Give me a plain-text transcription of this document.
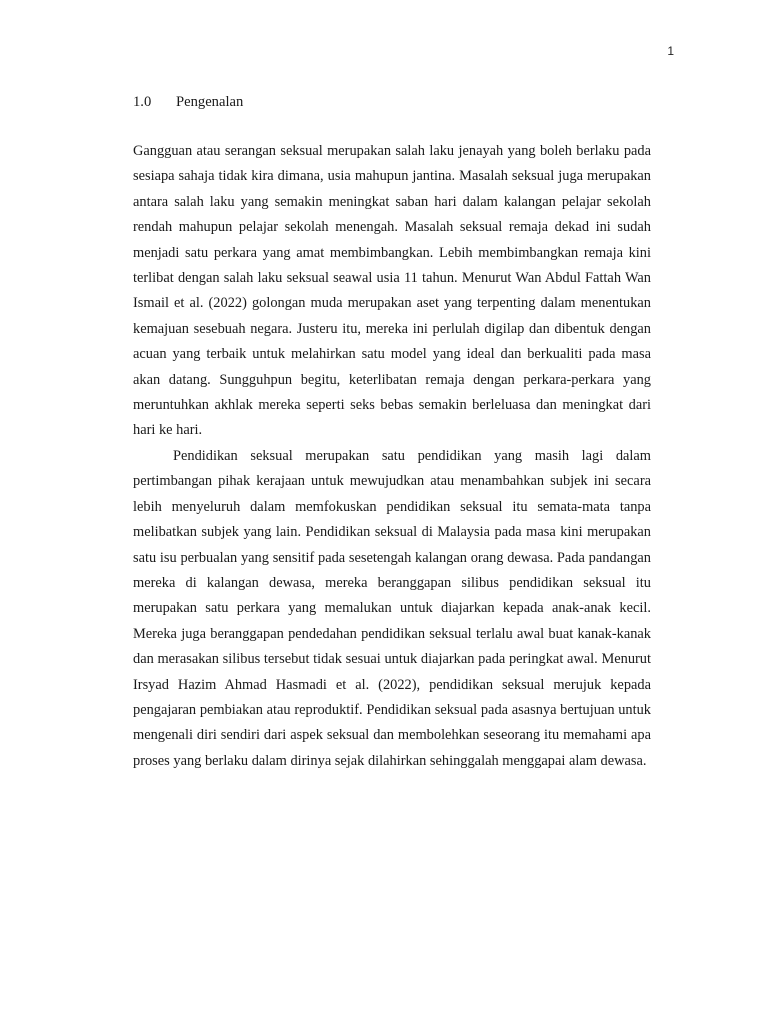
1
1.0 Pengenalan

Gangguan atau serangan seksual merupakan salah laku jenayah yang boleh berlaku pada sesiapa sahaja tidak kira dimana, usia mahupun jantina. Masalah seksual juga merupakan antara salah laku yang semakin meningkat saban hari dalam kalangan pelajar sekolah rendah mahupun pelajar sekolah menengah. Masalah seksual remaja dekad ini sudah menjadi satu perkara yang amat membimbangkan. Lebih membimbangkan remaja kini terlibat dengan salah laku seksual seawal usia 11 tahun. Menurut Wan Abdul Fattah Wan Ismail et al. (2022) golongan muda merupakan aset yang terpenting dalam menentukan kemajuan sesebuah negara. Justeru itu, mereka ini perlulah digilap dan dibentuk dengan acuan yang terbaik untuk melahirkan satu model yang ideal dan berkualiti pada masa akan datang. Sungguhpun begitu, keterlibatan remaja dengan perkara-perkara yang meruntuhkan akhlak mereka seperti seks bebas semakin berleluasa dan meningkat dari hari ke hari.

Pendidikan seksual merupakan satu pendidikan yang masih lagi dalam pertimbangan pihak kerajaan untuk mewujudkan atau menambahkan subjek ini secara lebih menyeluruh dalam memfokuskan pendidikan seksual itu semata-mata tanpa melibatkan subjek yang lain. Pendidikan seksual di Malaysia pada masa kini merupakan satu isu perbualan yang sensitif pada sesetengah kalangan orang dewasa. Pada pandangan mereka di kalangan dewasa, mereka beranggapan silibus pendidikan seksual itu merupakan satu perkara yang memalukan untuk diajarkan kepada anak-anak kecil. Mereka juga beranggapan pendedahan pendidikan seksual terlalu awal buat kanak-kanak dan merasakan silibus tersebut tidak sesuai untuk diajarkan pada peringkat awal. Menurut Irsyad Hazim Ahmad Hasmadi et al. (2022), pendidikan seksual merujuk kepada pengajaran pembiakan atau reproduktif. Pendidikan seksual pada asasnya bertujuan untuk mengenali diri sendiri dari aspek seksual dan membolehkan seseorang itu memahami apa proses yang berlaku dalam dirinya sejak dilahirkan sehinggalah menggapai alam dewasa.
